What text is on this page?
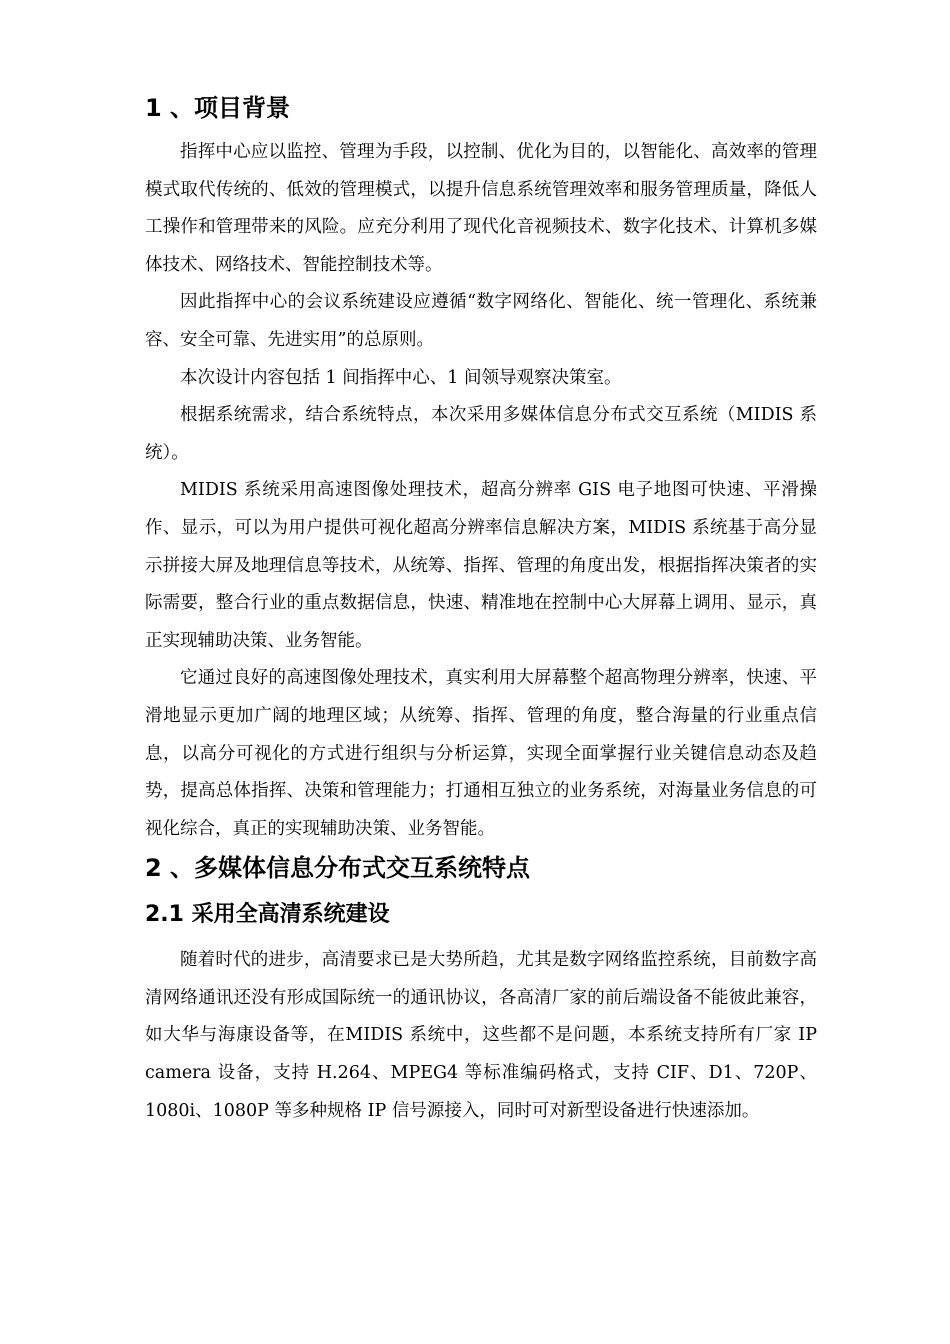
1 、项目背景

指挥中心应以监控、管理为手段，以控制、优化为目的，以智能化、高效率的管理模式取代传统的、低效的管理模式，以提升信息系统管理效率和服务管理质量，降低人工操作和管理带来的风险。应充分利用了现代化音视频技术、数字化技术、计算机多媒体技术、网络技术、智能控制技术等。

因此指挥中心的会议系统建设应遵循“数字网络化、智能化、统一管理化、系统兼容、安全可靠、先进实用”的总原则。

本次设计内容包括 1 间指挥中心、1 间领导观察决策室。

根据系统需求，结合系统特点，本次采用多媒体信息分布式交互系统（MIDIS 系统）。

MIDIS 系统采用高速图像处理技术，超高分辨率 GIS 电子地图可快速、平滑操作、显示，可以为用户提供可视化超高分辨率信息解决方案，MIDIS 系统基于高分显示拼接大屏及地理信息等技术，从统筹、指挥、管理的角度出发，根据指挥决策者的实际需要，整合行业的重点数据信息，快速、精准地在控制中心大屏幕上调用、显示，真正实现辅助决策、业务智能。

它通过良好的高速图像处理技术，真实利用大屏幕整个超高物理分辨率，快速、平滑地显示更加广阔的地理区域；从统筹、指挥、管理的角度，整合海量的行业重点信息，以高分可视化的方式进行组织与分析运算，实现全面掌握行业关键信息动态及趋势，提高总体指挥、决策和管理能力；打通相互独立的业务系统，对海量业务信息的可视化综合，真正的实现辅助决策、业务智能。

2 、多媒体信息分布式交互系统特点
2.1 采用全高清系统建设

随着时代的进步，高清要求已是大势所趋，尤其是数字网络监控系统，目前数字高清网络通讯还没有形成国际统一的通讯协议，各高清厂家的前后端设备不能彼此兼容，如大华与海康设备等，在MIDIS 系统中，这些都不是问题，本系统支持所有厂家 IP camera 设备，支持 H.264、MPEG4 等标准编码格式，支持 CIF、D1、720P、1080i、1080P 等多种规格 IP 信号源接入，同时可对新型设备进行快速添加。
